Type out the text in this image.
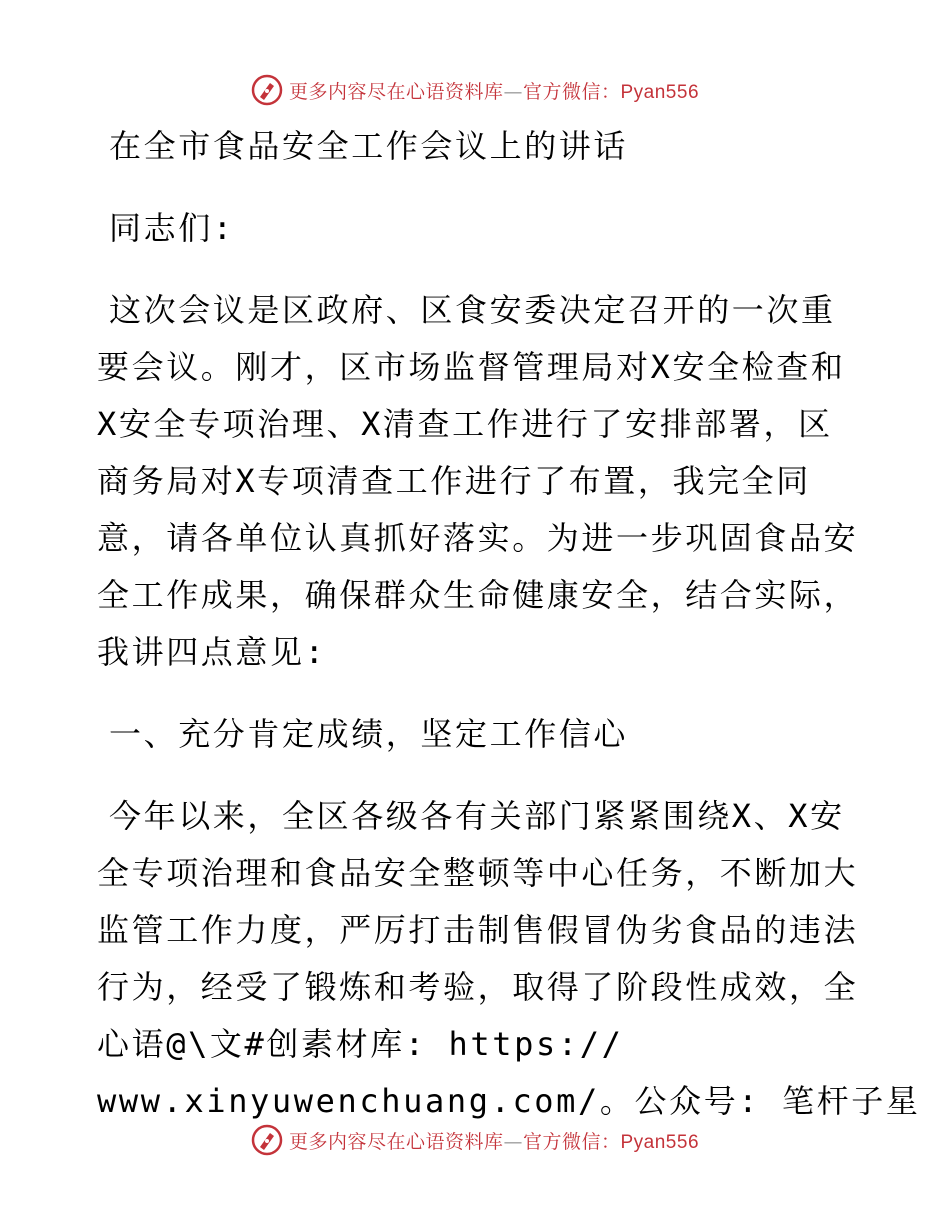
更多内容尽在心语资料库—官方微信：Pyan556
在全市食品安全工作会议上的讲话
同志们:
这次会议是区政府、区食安委决定召开的一次重
要会议。刚才，区市场监督管理局对X安全检查和
X安全专项治理、X清查工作进行了安排部署，区
商务局对X专项清查工作进行了布置，我完全同
意，请各单位认真抓好落实。为进一步巩固食品安
全工作成果，确保群众生命健康安全，结合实际，
我讲四点意见:
一、充分肯定成绩，坚定工作信心
今年以来，全区各级各有关部门紧紧围绕X、X安
全专项治理和食品安全整顿等中心任务，不断加大
监管工作力度，严厉打击制售假冒伪劣食品的违法
行为，经受了锻炼和考验，取得了阶段性成效，全
心语@\文#创素材库: https://
www.xinyuwenchuang.com/。公众号: 笔杆子星
更多内容尽在心语资料库—官方微信：Pyan556
